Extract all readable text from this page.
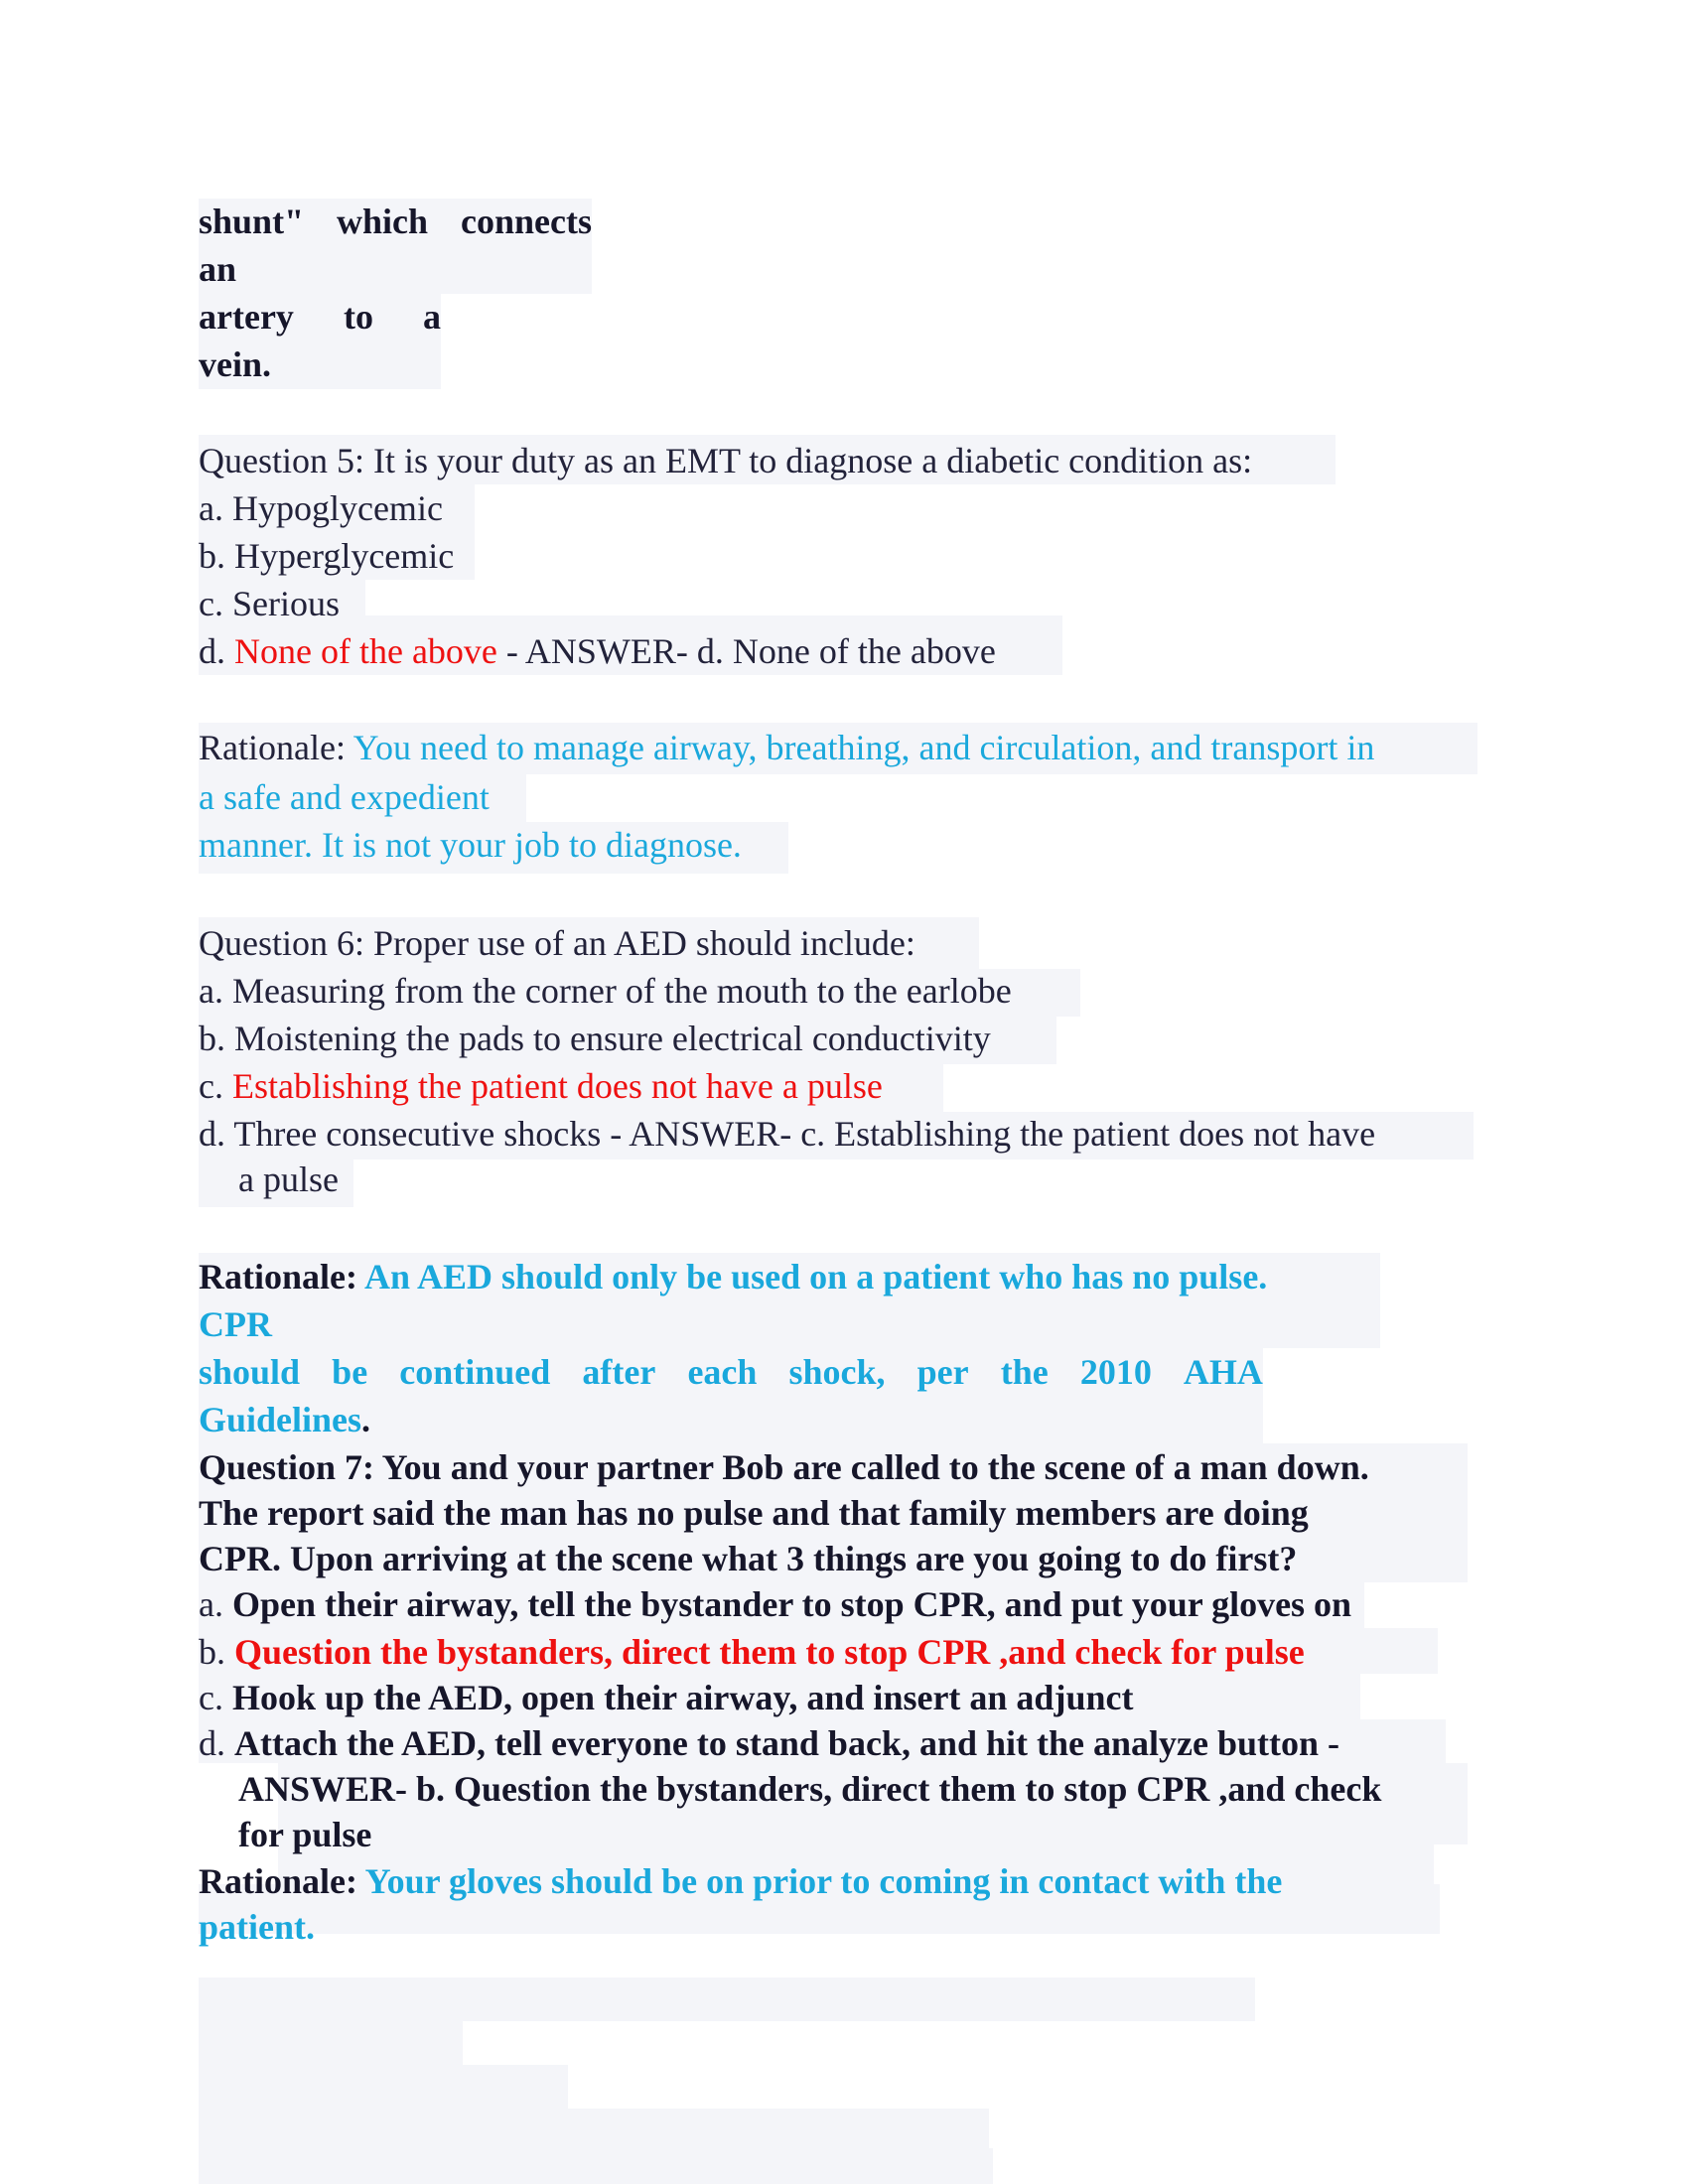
shunt" which connects
an
artery to a
vein.
Question 5: It is your duty as an EMT to diagnose a diabetic condition as:
a. Hypoglycemic
b. Hyperglycemic
c. Serious
d. None of the above - ANSWER- d. None of the above
Rationale: You need to manage airway, breathing, and circulation, and transport in
a safe and expedient
manner. It is not your job to diagnose.
Question 6: Proper use of an AED should include:
a. Measuring from the corner of the mouth to the earlobe
b. Moistening the pads to ensure electrical conductivity
c. Establishing the patient does not have a pulse
d. Three consecutive shocks - ANSWER- c. Establishing the patient does not have
a pulse
Rationale: An AED should only be used on a patient who has no pulse.
CPR
should be continued after each shock, per the 2010 AHA
Guidelines.
Question 7: You and your partner Bob are called to the scene of a man down.
The report said the man has no pulse and that family members are doing
CPR. Upon arriving at the scene what 3 things are you going to do first?
a. Open their airway, tell the bystander to stop CPR, and put your gloves on
b. Question the bystanders, direct them to stop CPR ,and check for pulse
c. Hook up the AED, open their airway, and insert an adjunct
d. Attach the AED, tell everyone to stand back, and hit the analyze button -
ANSWER- b. Question the bystanders, direct them to stop CPR ,and check
for pulse
Rationale: Your gloves should be on prior to coming in contact with the
patient.
